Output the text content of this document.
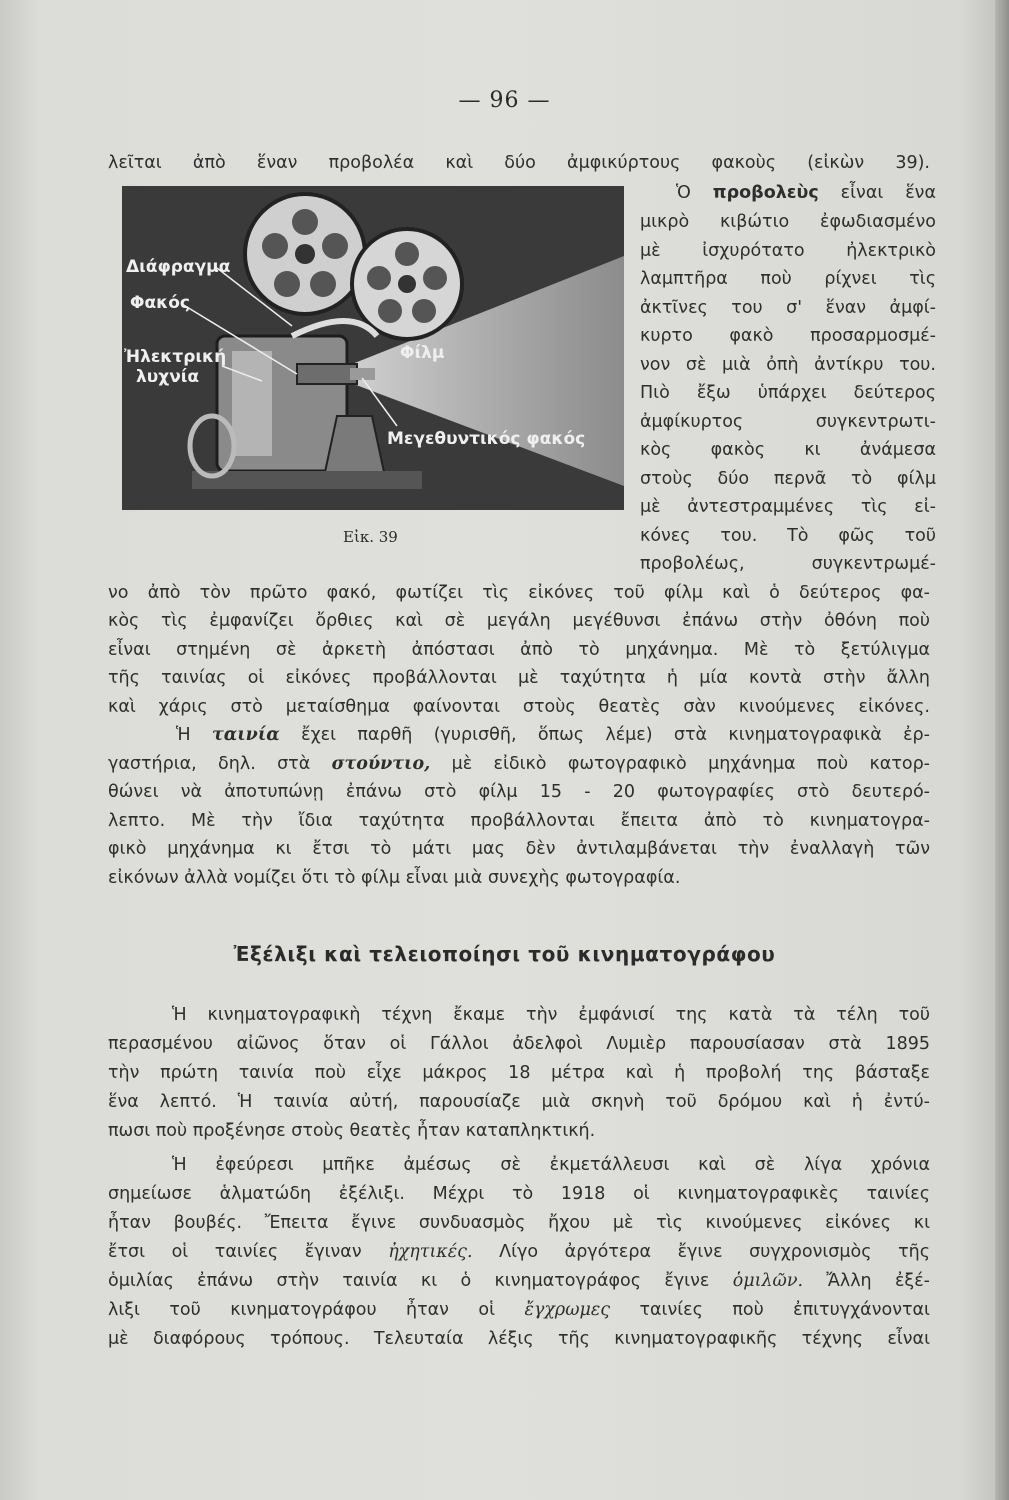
— 96 —
λεῖται ἀπὸ ἕναν προβολέα καὶ δύο ἀμφικύρτους φακοὺς (εἰκὼν 39).
Διάφραγμα
Φακός
Ἠλεκτρική
λυχνία
Φίλμ
Μεγεθυντικός φακός
Εἰκ. 39
Ὁ προβολεὺς εἶναι ἕνα
μικρὸ κιβώτιο ἐφωδιασμένο
μὲ ἰσχυρότατο ἠλεκτρικὸ
λαμπτῆρα ποὺ ρίχνει τὶς
ἀκτῖνες του σ' ἕναν ἀμφί-
κυρτο φακὸ προσαρμοσμέ-
νον σὲ μιὰ ὀπὴ ἀντίκρυ του.
Πιὸ ἔξω ὑπάρχει δεύτερος
ἀμφίκυρτος συγκεντρωτι-
κὸς φακὸς κι ἀνάμεσα
στοὺς δύο περνᾶ τὸ φίλμ
μὲ ἀντεστραμμένες τὶς εἰ-
κόνες του. Τὸ φῶς τοῦ
προβολέως, συγκεντρωμέ-
νο ἀπὸ τὸν πρῶτο φακό, φωτίζει τὶς εἰκόνες τοῦ φίλμ καὶ ὁ δεύτερος φα-
κὸς τὶς ἐμφανίζει ὄρθιες καὶ σὲ μεγάλη μεγέθυνσι ἐπάνω στὴν ὀθόνη ποὺ
εἶναι στημένη σὲ ἀρκετὴ ἀπόστασι ἀπὸ τὸ μηχάνημα. Μὲ τὸ ξετύλιγμα
τῆς ταινίας οἱ εἰκόνες προβάλλονται μὲ ταχύτητα ἡ μία κοντὰ στὴν ἄλλη
καὶ χάρις στὸ μεταίσθημα φαίνονται στοὺς θεατὲς σὰν κινούμενες εἰκόνες.
Ἡ ταινία ἔχει παρθῆ (γυρισθῆ, ὅπως λέμε) στὰ κινηματογραφικὰ ἐρ-
γαστήρια, δηλ. στὰ στούντιο, μὲ εἰδικὸ φωτογραφικὸ μηχάνημα ποὺ κατορ-
θώνει νὰ ἀποτυπώνῃ ἐπάνω στὸ φίλμ 15 - 20 φωτογραφίες στὸ δευτερό-
λεπτο. Μὲ τὴν ἴδια ταχύτητα προβάλλονται ἔπειτα ἀπὸ τὸ κινηματογρα-
φικὸ μηχάνημα κι ἔτσι τὸ μάτι μας δὲν ἀντιλαμβάνεται τὴν ἐναλλαγὴ τῶν
εἰκόνων ἀλλὰ νομίζει ὅτι τὸ φίλμ εἶναι μιὰ συνεχὴς φωτογραφία.
Ἐξέλιξι καὶ τελειοποίησι τοῦ κινηματογράφου
Ἡ κινηματογραφικὴ τέχνη ἔκαμε τὴν ἐμφάνισί της κατὰ τὰ τέλη τοῦ
περασμένου αἰῶνος ὅταν οἱ Γάλλοι ἀδελφοὶ Λυμιὲρ παρουσίασαν στὰ 1895
τὴν πρώτη ταινία ποὺ εἶχε μάκρος 18 μέτρα καὶ ἡ προβολή της βάσταξε
ἕνα λεπτό. Ἡ ταινία αὐτή, παρουσίαζε μιὰ σκηνὴ τοῦ δρόμου καὶ ἡ ἐντύ-
πωσι ποὺ προξένησε στοὺς θεατὲς ἦταν καταπληκτική.
Ἡ ἐφεύρεσι μπῆκε ἀμέσως σὲ ἐκμετάλλευσι καὶ σὲ λίγα χρόνια
σημείωσε ἁλματώδη ἐξέλιξι. Μέχρι τὸ 1918 οἱ κινηματογραφικὲς ταινίες
ἦταν βουβές. Ἔπειτα ἔγινε συνδυασμὸς ἤχου μὲ τὶς κινούμενες εἰκόνες κι
ἔτσι οἱ ταινίες ἔγιναν ἠχητικές. Λίγο ἀργότερα ἔγινε συγχρονισμὸς τῆς
ὁμιλίας ἐπάνω στὴν ταινία κι ὁ κινηματογράφος ἔγινε ὁμιλῶν. Ἄλλη ἐξέ-
λιξι τοῦ κινηματογράφου ἦταν οἱ ἔγχρωμες ταινίες ποὺ ἐπιτυγχάνονται
μὲ διαφόρους τρόπους. Τελευταία λέξις τῆς κινηματογραφικῆς τέχνης εἶναι
